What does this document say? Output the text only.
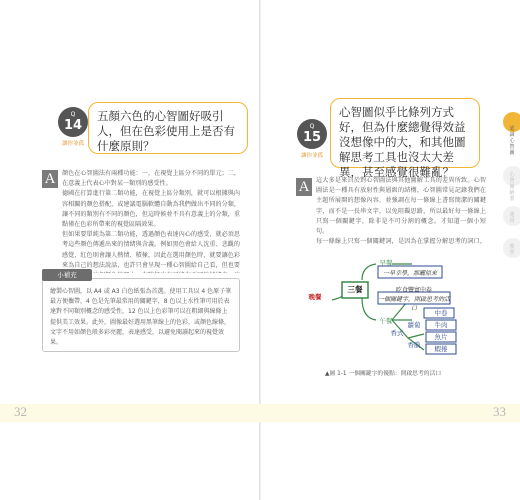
Q
14
讓你並孤
五顏六色的心智圖好吸引人，但在色彩使用上是否有什麼原則？
A	顏色在心智圖法有兩種功能：一，在視覺上區分不同的單元；二，在意義上代表心中對某一類別的感受性。

德國在打算進行第二類功能，在視覺上區分類別，就可以根據與內容相關的顏色搭配，或建議電腦軟體自動為我們做出不同的分類，讓不同的類別有不同的顏色，但這時候並不具有意義上的分類，重點僅在色彩所帶來的視覺區隔效果。

但如果要單純為第二類功能，透過顏色表達內心的感受，就必須思考這些顏色傳遞出來的情緒與含義。例如黑色會給人沈重、悲觀的感覺，紅色則會讓人熱情、積極，因此在選用顏色時，就要讓色彩來為自己的想法說話，也許只會呈現一種心智圖給自己看，但也要

小補充
繪製心智圖，以 A4 或 A3 白色紙張為首選。使用工具以 4 色原子筆最方便攜帶，4 色是先筆最常用的關鍵字，8 色以上水性筆可用於表達對不同類別概念的感受性，12 色以上色彩筆可以在粗細與線條上提供美工效果。此外，圖像最好選用黑筆線上的色彩，或顏色線條，文字不用如顏色般多彩亮麗，表達感受，以避免閱讀起來的視覺效果。
Q
15
讓你並孤
心智圖似乎比條列方式好，但為什麼總覺得效益沒想像中的大，和其他圖解思考工具也沒太大差異，甚至感覺很難亂？
A	這大多是來自於對心智圖法與其他圖解工具的差異所致。心智圖法是一種具有放射性與層級的結構，心智圖常見記錄我們在主題所展開的想像內容，並強調在每一條線上書寫簡潔的關鍵字，而不是一長串文字，以免阻礙思路，所以最好每一條線上只寫一個關鍵字，除非是不可分割的概念。才知道一個小短句。

每一條線上只寫一個關鍵詞，是因為在掌握分解思考的詞口，

晚餐
三餐
早餐
午餐
一早幸學，那曬原來
吃食豐富中卷
一個關鍵字，開啟思考的活口
香式
蘿蔔	牛肉
香膜
魚片
中卷
蝦捲
▲圖 1-1 一個關鍵字的優點：開啟思考的活口
認識心智圖
心智圖繪製
運用
教學
32	33
